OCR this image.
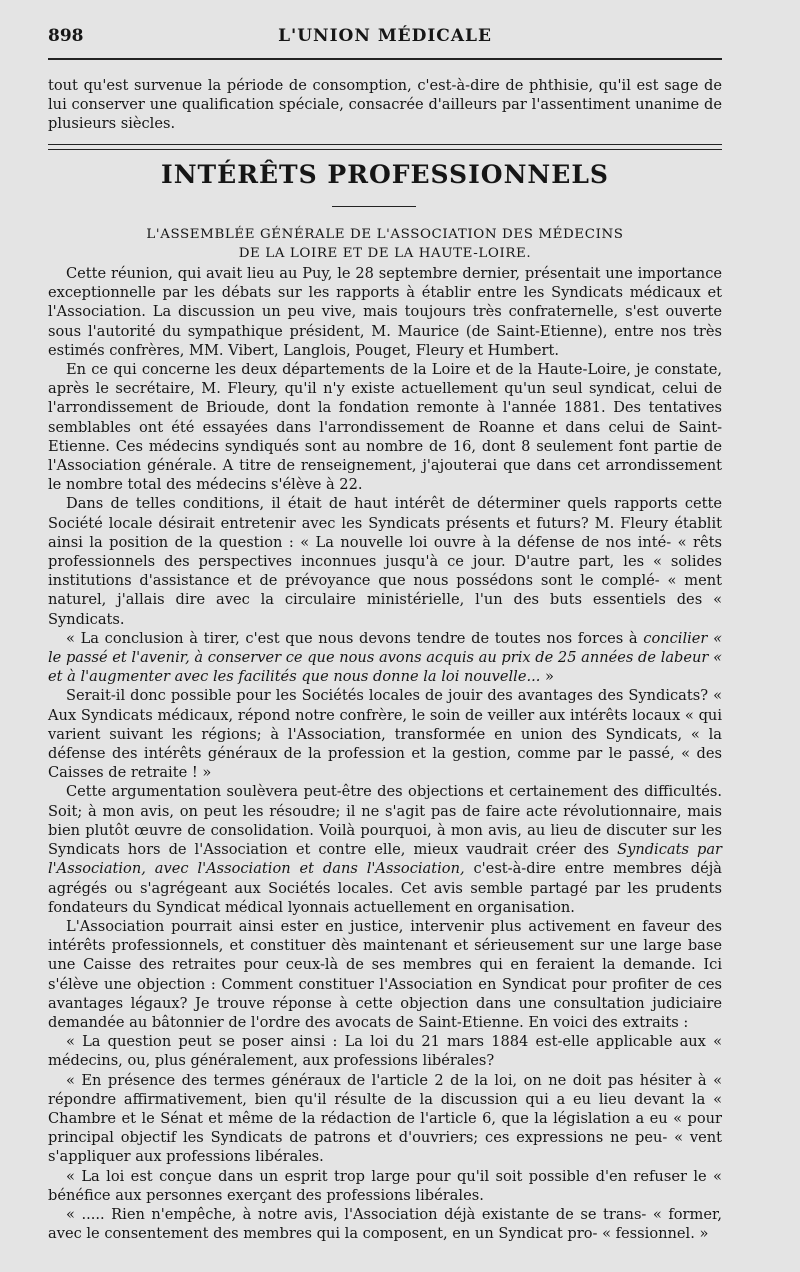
898	L'UNION MÉDICALE

tout qu'est survenue la période de consomption, c'est-à-dire de phthisie, qu'il est sage de lui conserver une qualification spéciale, consacrée d'ailleurs par l'assentiment unanime de plusieurs siècles.

INTÉRÊTS PROFESSIONNELS
L'ASSEMBLÉE GÉNÉRALE DE L'ASSOCIATION DES MÉDECINS
DE LA LOIRE ET DE LA HAUTE-LOIRE.

Cette réunion, qui avait lieu au Puy, le 28 septembre dernier, présentait une importance exceptionnelle par les débats sur les rapports à établir entre les Syndicats médicaux et l'Association. La discussion un peu vive, mais toujours très confraternelle, s'est ouverte sous l'autorité du sympathique président, M. Maurice (de Saint-Etienne), entre nos très estimés confrères, MM. Vibert, Langlois, Pouget, Fleury et Humbert.

En ce qui concerne les deux départements de la Loire et de la Haute-Loire, je constate, après le secrétaire, M. Fleury, qu'il n'y existe actuellement qu'un seul syndicat, celui de l'arrondissement de Brioude, dont la fondation remonte à l'année 1881. Des tentatives semblables ont été essayées dans l'arrondissement de Roanne et dans celui de Saint-Etienne. Ces médecins syndiqués sont au nombre de 16, dont 8 seulement font partie de l'Association générale. A titre de renseignement, j'ajouterai que dans cet arrondissement le nombre total des médecins s'élève à 22.

Dans de telles conditions, il était de haut intérêt de déterminer quels rapports cette Société locale désirait entretenir avec les Syndicats présents et futurs? M. Fleury établit ainsi la position de la question : « La nouvelle loi ouvre à la défense de nos inté- « rêts professionnels des perspectives inconnues jusqu'à ce jour. D'autre part, les « solides institutions d'assistance et de prévoyance que nous possédons sont le complé- « ment naturel, j'allais dire avec la circulaire ministérielle, l'un des buts essentiels des « Syndicats.

« La conclusion à tirer, c'est que nous devons tendre de toutes nos forces à concilier « le passé et l'avenir, à conserver ce que nous avons acquis au prix de 25 années de labeur « et à l'augmenter avec les facilités que nous donne la loi nouvelle... »

Serait-il donc possible pour les Sociétés locales de jouir des avantages des Syndicats? « Aux Syndicats médicaux, répond notre confrère, le soin de veiller aux intérêts locaux « qui varient suivant les régions; à l'Association, transformée en union des Syndicats, « la défense des intérêts généraux de la profession et la gestion, comme par le passé, « des Caisses de retraite ! »

Cette argumentation soulèvera peut-être des objections et certainement des difficultés. Soit; à mon avis, on peut les résoudre; il ne s'agit pas de faire acte révolutionnaire, mais bien plutôt œuvre de consolidation. Voilà pourquoi, à mon avis, au lieu de discuter sur les Syndicats hors de l'Association et contre elle, mieux vaudrait créer des Syndicats par l'Association, avec l'Association et dans l'Association, c'est-à-dire entre membres déjà agrégés ou s'agrégeant aux Sociétés locales. Cet avis semble partagé par les prudents fondateurs du Syndicat médical lyonnais actuellement en organisation.

L'Association pourrait ainsi ester en justice, intervenir plus activement en faveur des intérêts professionnels, et constituer dès maintenant et sérieusement sur une large base une Caisse des retraites pour ceux-là de ses membres qui en feraient la demande. Ici s'élève une objection : Comment constituer l'Association en Syndicat pour profiter de ces avantages légaux? Je trouve réponse à cette objection dans une consultation judiciaire demandée au bâtonnier de l'ordre des avocats de Saint-Etienne. En voici des extraits :

« La question peut se poser ainsi : La loi du 21 mars 1884 est-elle applicable aux « médecins, ou, plus généralement, aux professions libérales?

« En présence des termes généraux de l'article 2 de la loi, on ne doit pas hésiter à « répondre affirmativement, bien qu'il résulte de la discussion qui a eu lieu devant la « Chambre et le Sénat et même de la rédaction de l'article 6, que la législation a eu « pour principal objectif les Syndicats de patrons et d'ouvriers; ces expressions ne peu- « vent s'appliquer aux professions libérales.

« La loi est conçue dans un esprit trop large pour qu'il soit possible d'en refuser le « bénéfice aux personnes exerçant des professions libérales.

« ..... Rien n'empêche, à notre avis, l'Association déjà existante de se trans- « former, avec le consentement des membres qui la composent, en un Syndicat pro- « fessionnel. »
